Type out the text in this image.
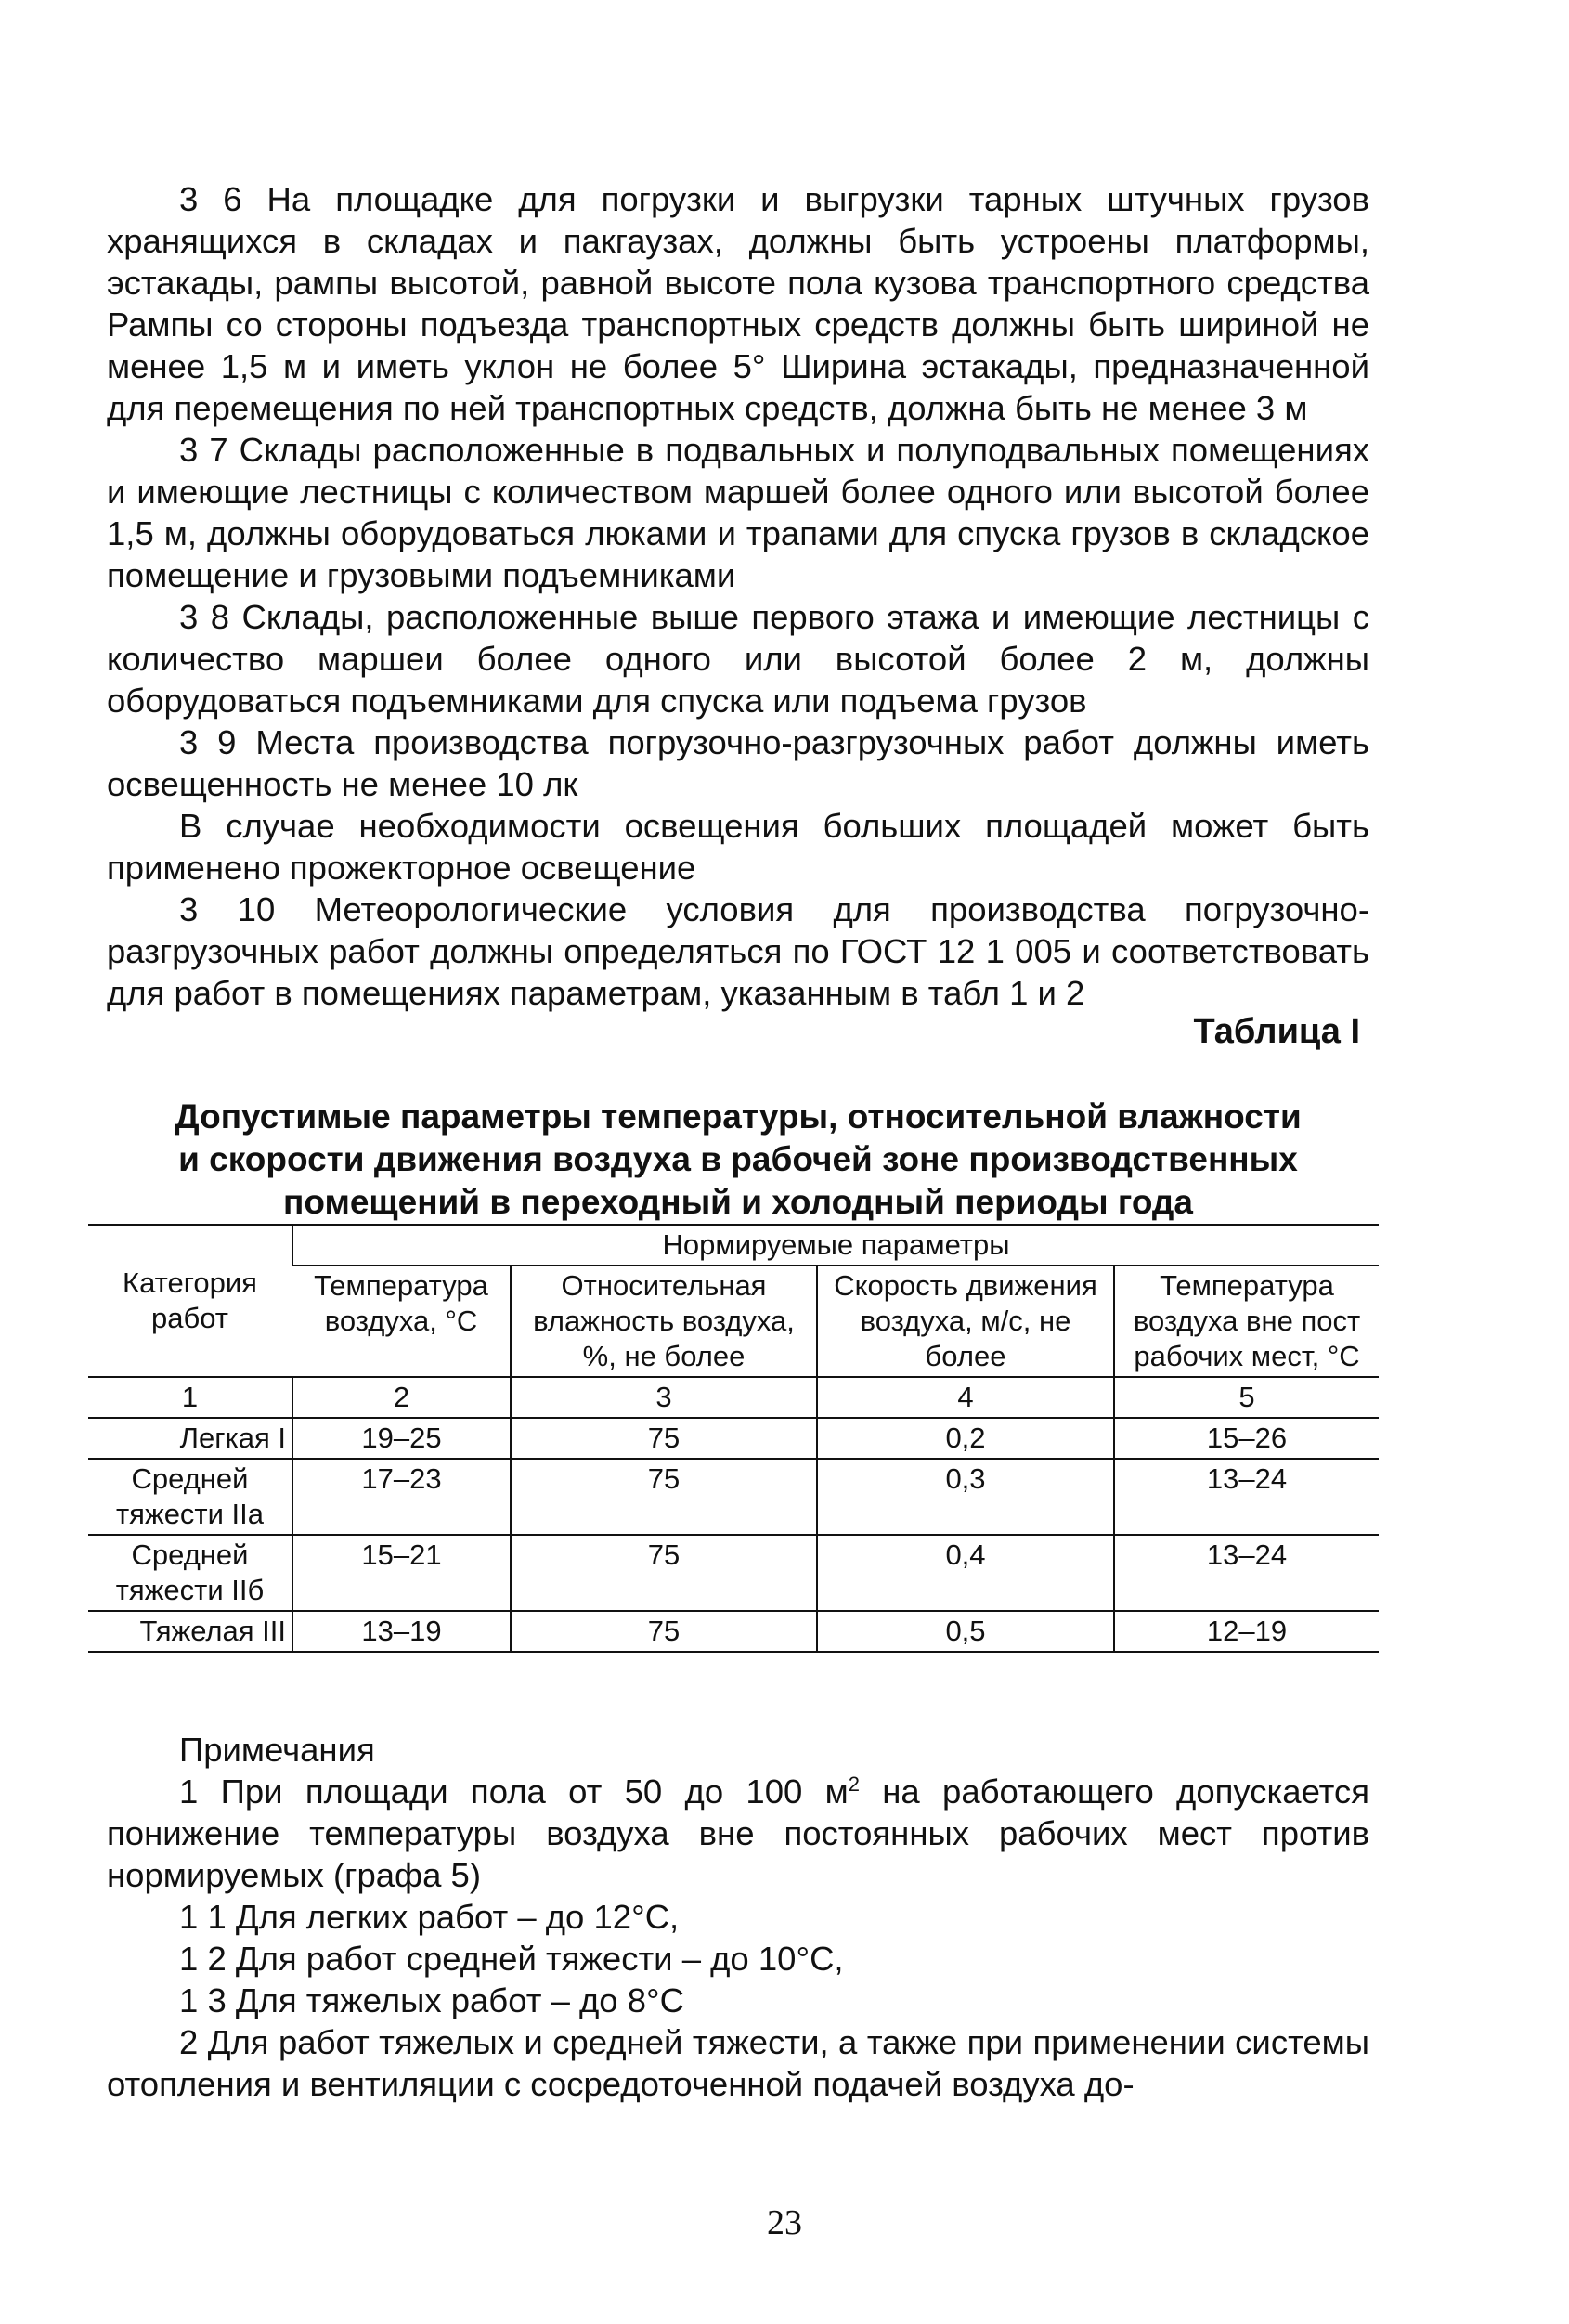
3 6 На площадке для погрузки и выгрузки тарных штучных грузов хранящихся в складах и пакгаузах, должны быть устроены платформы, эстакады, рампы высотой, равной высоте пола кузова транспортного средства Рампы со стороны подъезда транспортных средств должны быть шириной не менее 1,5 м и иметь уклон не более 5° Ширина эстакады, предназначенной для перемещения по ней транспортных средств, должна быть не менее 3 м

3 7 Склады расположенные в подвальных и полуподвальных помещениях и имеющие лестницы с количеством маршей более одного или высотой более 1,5 м, должны оборудоваться люками и трапами для спуска грузов в складское помещение и грузовыми подъемниками

3 8 Склады, расположенные выше первого этажа и имеющие лестницы с количество маршеи более одного или высотой более 2 м, должны оборудоваться подъемниками для спуска или подъема грузов

3 9 Места производства погрузочно-разгрузочных работ должны иметь освещенность не менее 10 лк

В случае необходимости освещения больших площадей может быть применено прожекторное освещение

3 10 Метеорологические условия для производства погрузочно-разгрузочных работ должны определяться по ГОСТ 12 1 005 и соответствовать для работ в помещениях параметрам, указанным в табл 1 и 2

Таблица I
Допустимые параметры температуры, относительной влажности
и скорости движения воздуха в рабочей зоне производственных
помещений в переходный и холодный периоды года
Категория работ	Нормируемые параметры			
	Температура воздуха, °С	Относительная влажность воздуха, %, не более	Скорость движения воздуха, м/с, не более	Температура воздуха вне пост рабочих мест, °С
1	2	3	4	5
Легкая I	19–25	75	0,2	15–26
Средней тяжести IIа	17–23	75	0,3	13–24
Средней тяжести IIб	15–21	75	0,4	13–24
Тяжелая III	13–19	75	0,5	12–19

Примечания

1 При площади пола от 50 до 100 $м^2$ на работающего допускается понижение температуры воздуха вне постоянных рабочих мест против нормируемых (графа 5)

1 1 Для легких работ – до 12°С,

1 2 Для работ средней тяжести – до 10°С,

1 3 Для тяжелых работ – до 8°С

2 Для работ тяжелых и средней тяжести, а также при применении системы отопления и вентиляции с сосредоточенной подачей воздуха до-

23
